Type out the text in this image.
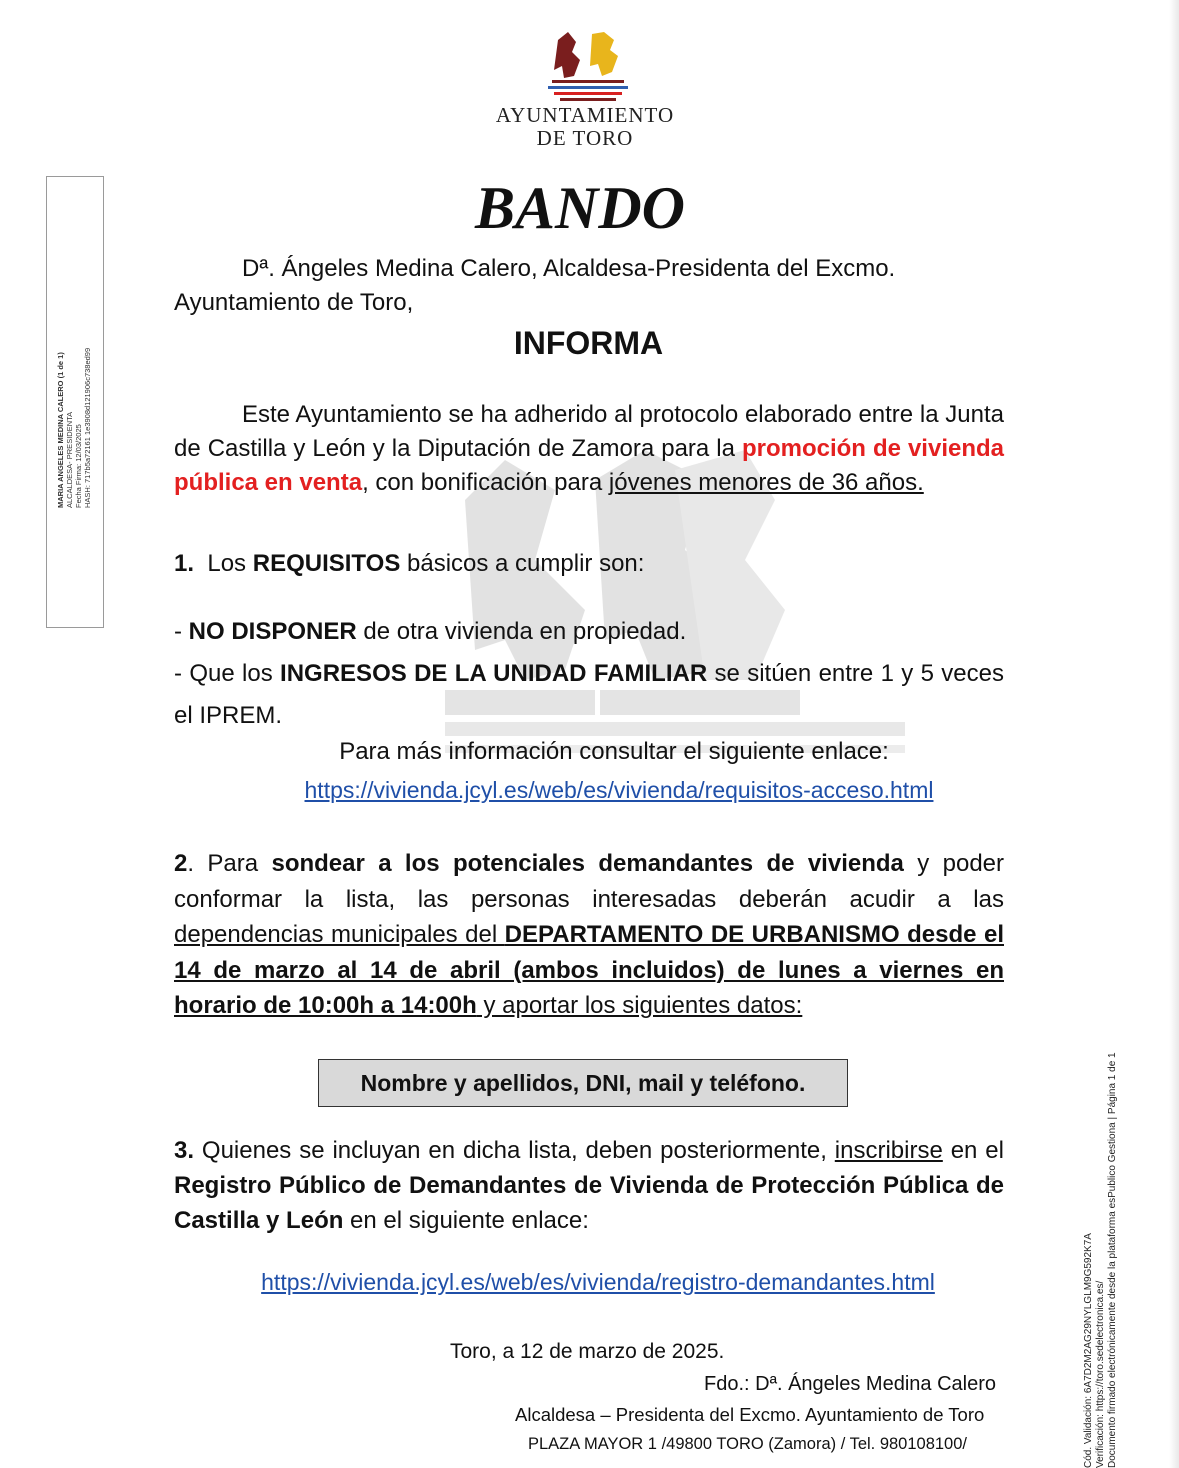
AYUNTAMIENTO
DE TORO
MARIA ANGELES MEDINA CALERO (1 de 1) ALCALDESA- PRESIDENTA Fecha Firma: 12/03/2025 HASH: 717b5a72161 1e3908d121906c738ed99
Cód. Validación: 6A7D2M2AG29NYLGLM9G592K7A Verificación: https://toro.sedelectronica.es/ Documento firmado electrónicamente desde la plataforma esPublico Gestiona | Página 1 de 1
BANDO
Dª. Ángeles Medina Calero, Alcaldesa-Presidenta del Excmo.
Ayuntamiento de Toro,
INFORMA
Este Ayuntamiento se ha adherido al protocolo elaborado entre la Junta de Castilla y León y la Diputación de Zamora para la promoción de vivienda pública en venta, con bonificación para jóvenes menores de 36 años.
1. Los REQUISITOS básicos a cumplir son:
- NO DISPONER de otra vivienda en propiedad.
- Que los INGRESOS DE LA UNIDAD FAMILIAR se sitúen entre 1 y 5 veces el IPREM.
Para más información consultar el siguiente enlace:
https://vivienda.jcyl.es/web/es/vivienda/requisitos-acceso.html
2. Para sondear a los potenciales demandantes de vivienda y poder conformar la lista, las personas interesadas deberán acudir a las dependencias municipales del DEPARTAMENTO DE URBANISMO desde el 14 de marzo al 14 de abril (ambos incluidos) de lunes a viernes en horario de 10:00h a 14:00h y aportar los siguientes datos:
Nombre y apellidos, DNI, mail y teléfono.
3. Quienes se incluyan en dicha lista, deben posteriormente, inscribirse en el Registro Público de Demandantes de Vivienda de Protección Pública de Castilla y León en el siguiente enlace:
https://vivienda.jcyl.es/web/es/vivienda/registro-demandantes.html
Toro, a 12 de marzo de 2025.
Fdo.: Dª. Ángeles Medina Calero
Alcaldesa – Presidenta del Excmo. Ayuntamiento de Toro
PLAZA MAYOR 1 /49800 TORO (Zamora) / Tel. 980108100/
